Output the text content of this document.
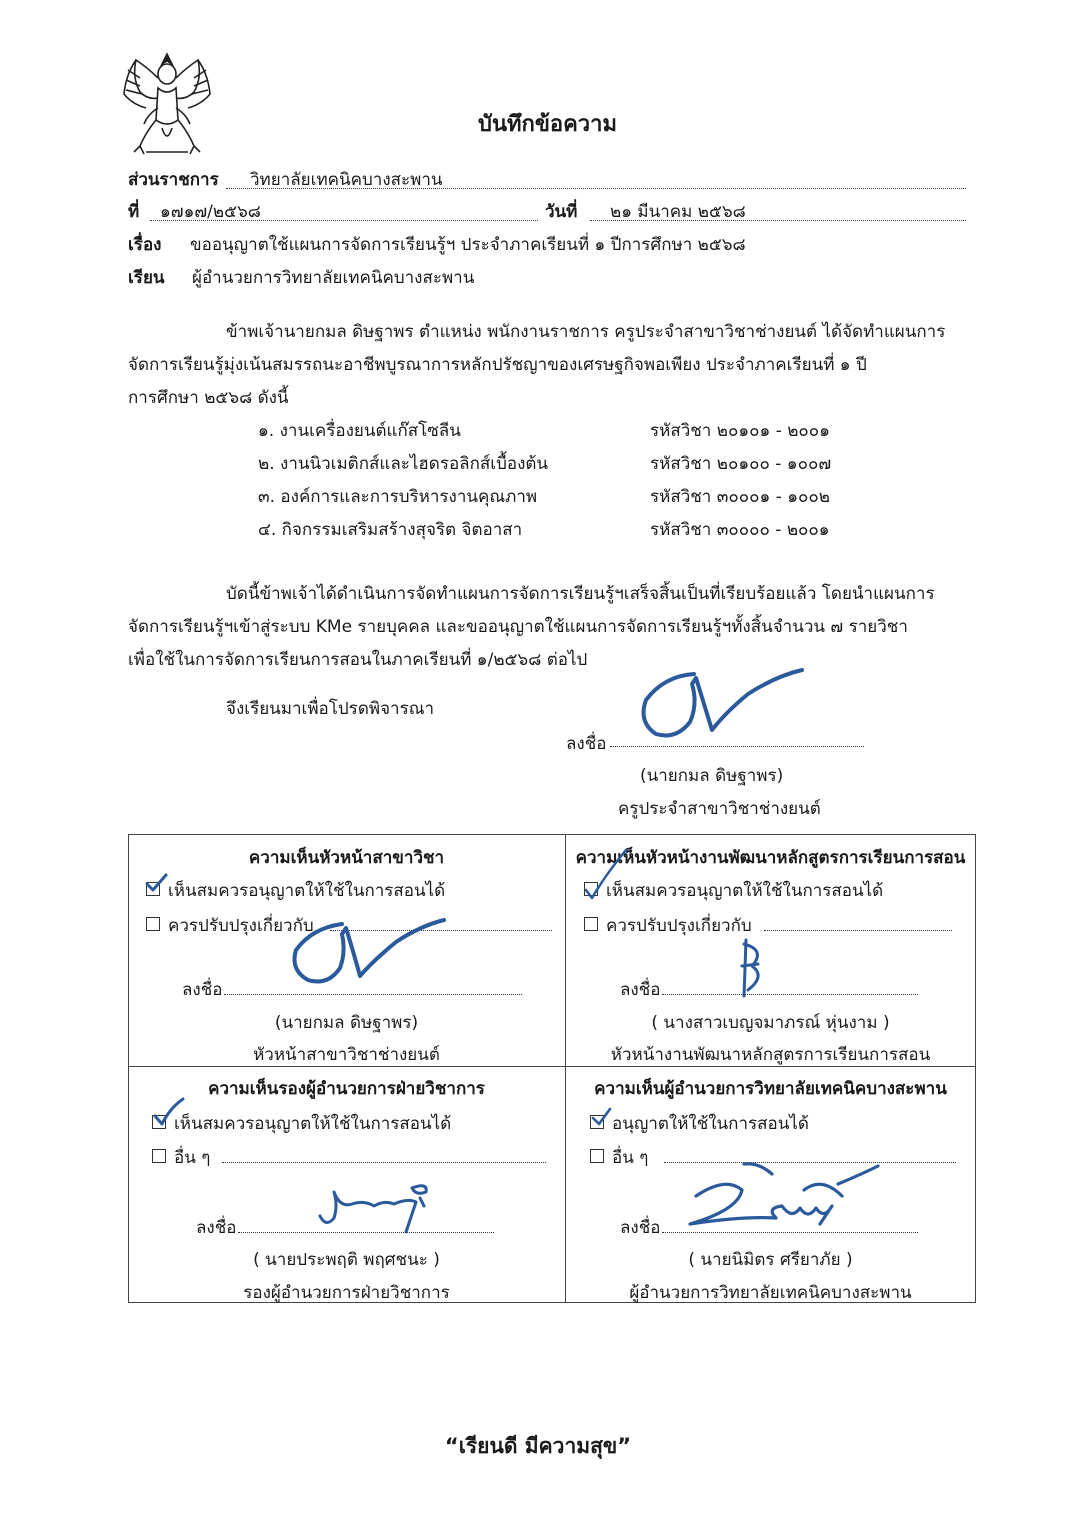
บันทึกข้อความ
ส่วนราชการ วิทยาลัยเทคนิคบางสะพาน
ที่ ๑๗๑๗/๒๕๖๘	วันที่ ๒๑ มีนาคม ๒๕๖๘
เรื่อง ขออนุญาตใช้แผนการจัดการเรียนรู้ฯ ประจำภาคเรียนที่ ๑ ปีการศึกษา ๒๕๖๘
เรียน ผู้อำนวยการวิทยาลัยเทคนิคบางสะพาน
ข้าพเจ้านายกมล ดิษฐาพร ตำแหน่ง พนักงานราชการ ครูประจำสาขาวิชาช่างยนต์ ได้จัดทำแผนการ
จัดการเรียนรู้มุ่งเน้นสมรรถนะอาชีพบูรณาการหลักปรัชญาของเศรษฐกิจพอเพียง ประจำภาคเรียนที่ ๑ ปี
การศึกษา ๒๕๖๘ ดังนี้
๑. งานเครื่องยนต์แก๊สโซลีน	รหัสวิชา ๒๐๑๐๑ - ๒๐๐๑
๒. งานนิวเมติกส์และไฮดรอลิกส์เบื้องต้น	รหัสวิชา ๒๐๑๐๐ - ๑๐๐๗
๓. องค์การและการบริหารงานคุณภาพ	รหัสวิชา ๓๐๐๐๑ - ๑๐๐๒
๔. กิจกรรมเสริมสร้างสุจริต จิตอาสา	รหัสวิชา ๓๐๐๐๐ - ๒๐๐๑
บัดนี้ข้าพเจ้าได้ดำเนินการจัดทำแผนการจัดการเรียนรู้ฯเสร็จสิ้นเป็นที่เรียบร้อยแล้ว โดยนำแผนการ
จัดการเรียนรู้ฯเข้าสู่ระบบ KMe รายบุคคล และขออนุญาตใช้แผนการจัดการเรียนรู้ฯทั้งสิ้นจำนวน ๗ รายวิชา
เพื่อใช้ในการจัดการเรียนการสอนในภาคเรียนที่ ๑/๒๕๖๘ ต่อไป
จึงเรียนมาเพื่อโปรดพิจารณา
ลงชื่อ
(นายกมล ดิษฐาพร)
ครูประจำสาขาวิชาช่างยนต์
ความเห็นหัวหน้าสาขาวิชา
เห็นสมควรอนุญาตให้ใช้ในการสอนได้
ควรปรับปรุงเกี่ยวกับ
ลงชื่อ
(นายกมล ดิษฐาพร)
หัวหน้าสาขาวิชาช่างยนต์
ความเห็นหัวหน้างานพัฒนาหลักสูตรการเรียนการสอน
เห็นสมควรอนุญาตให้ใช้ในการสอนได้
ควรปรับปรุงเกี่ยวกับ
ลงชื่อ
( นางสาวเบญจมาภรณ์ หุ่นงาม )
หัวหน้างานพัฒนาหลักสูตรการเรียนการสอน
ความเห็นรองผู้อำนวยการฝ่ายวิชาการ
เห็นสมควรอนุญาตให้ใช้ในการสอนได้
อื่น ๆ
ลงชื่อ
( นายประพฤติ พฤศชนะ )
รองผู้อำนวยการฝ่ายวิชาการ
ความเห็นผู้อำนวยการวิทยาลัยเทคนิคบางสะพาน
อนุญาตให้ใช้ในการสอนได้
อื่น ๆ
ลงชื่อ
( นายนิมิตร ศรียาภัย )
ผู้อำนวยการวิทยาลัยเทคนิคบางสะพาน
“เรียนดี มีความสุข”
